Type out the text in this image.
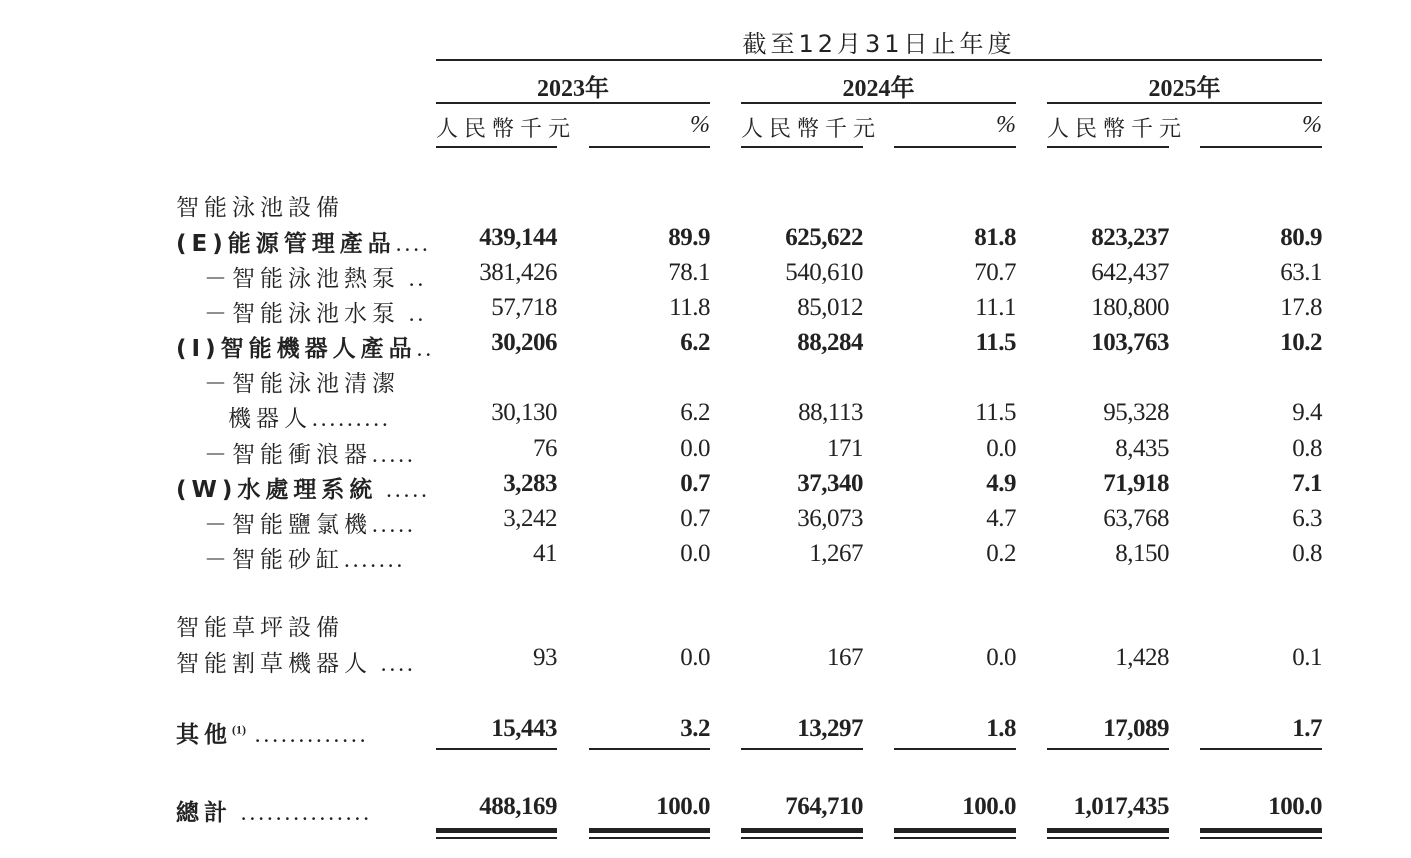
截至12月31日止年度
2023年	2024年	2025年
人民幣千元	% 人民幣千元	% 人民幣千元	%
智能泳池設備
智能草坪設備
(E)能源管理產品.... 439,144	89.9	625,622	81.8	823,237	80.9
－智能泳池熱泵 .. 381,426	78.1	540,610	70.7	642,437	63.1
－智能泳池水泵 ..	57,718	11.8	85,012	11.1	180,800	17.8
(I)智能機器人產品.. 30,206	6.2	88,284	11.5	103,763	10.2
－智能泳池清潔
機器人.........	30,130	6.2	88,113	11.5	95,328	9.4
－智能衝浪器.....	76	0.0	171	0.0	8,435	0.8
(W)水處理系統 .....	3,283	0.7	37,340	4.9	71,918	7.1
－智能鹽氯機.....	3,242	0.7	36,073	4.7	63,768	6.3
－智能砂缸.......	41	0.0	1,267	0.2	8,150	0.8
智能割草機器人 ....	93	0.0	167	0.0	1,428	0.1
其他$^{(1)}$ .............	15,443	3.2	13,297	1.8	17,089	1.7
總計 ...............	488,169	100.0	764,710	100.0 1,017,435	100.0
